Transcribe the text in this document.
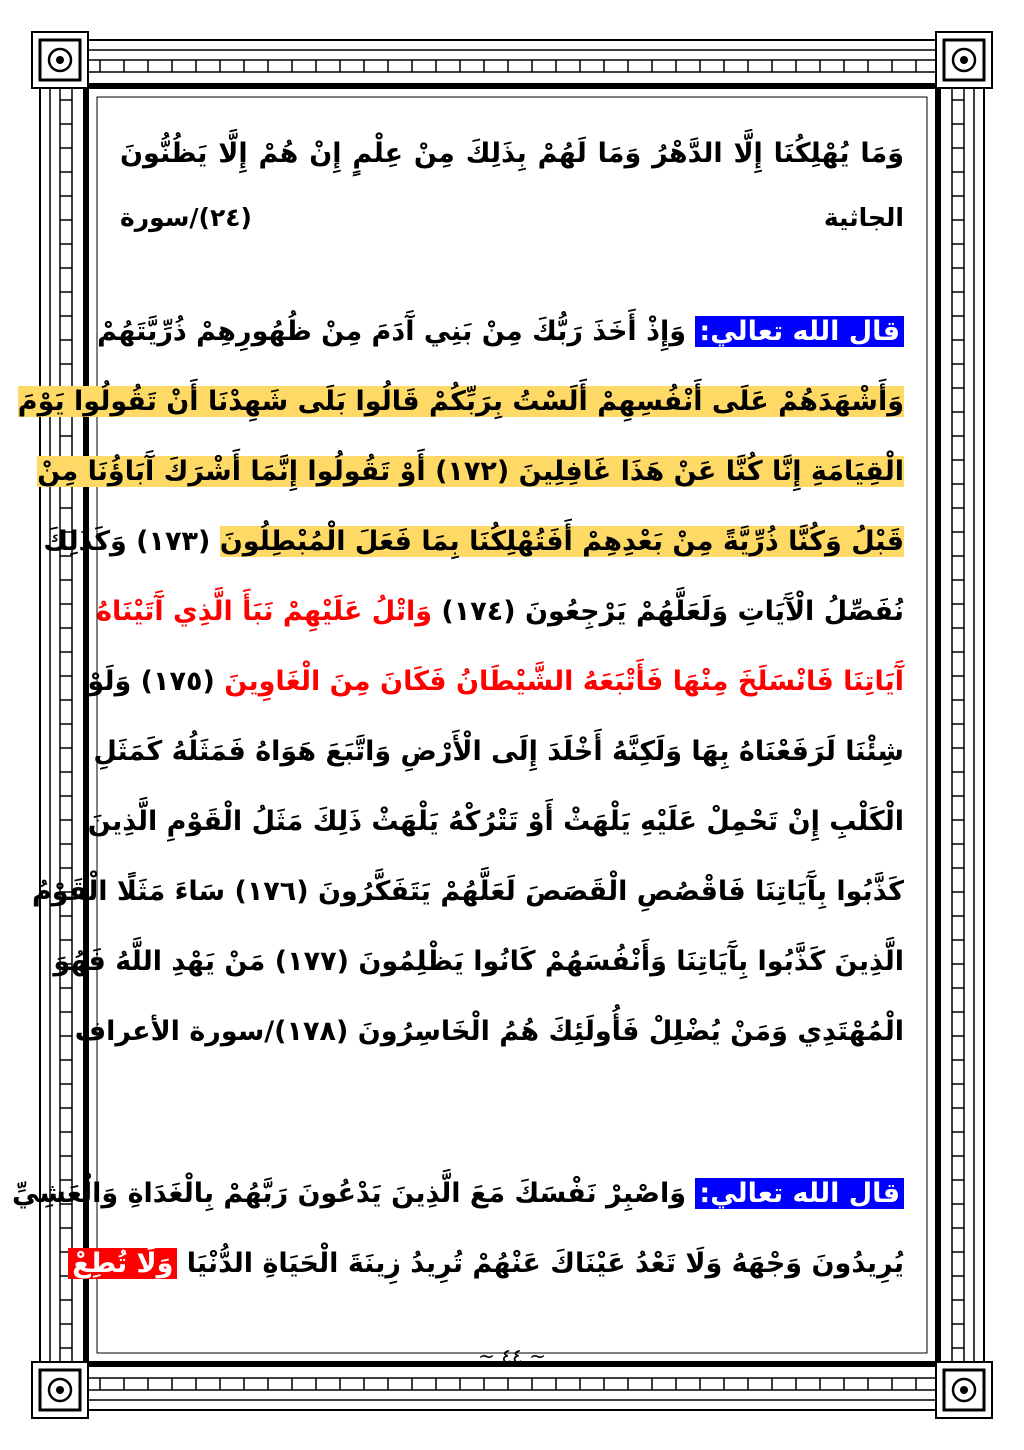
وَمَا يُهْلِكُنَا إِلَّا الدَّهْرُ وَمَا لَهُمْ بِذَلِكَ مِنْ عِلْمٍ إِنْ هُمْ إِلَّا يَظُنُّونَ
الجاثية
(٢٤)/سورة
قال الله تعالي: وَإِذْ أَخَذَ رَبُّكَ مِنْ بَنِي آَدَمَ مِنْ ظُهُورِهِمْ ذُرِّيَّتَهُمْ
وَأَشْهَدَهُمْ عَلَى أَنْفُسِهِمْ أَلَسْتُ بِرَبِّكُمْ قَالُوا بَلَى شَهِدْنَا أَنْ تَقُولُوا يَوْمَ
الْقِيَامَةِ إِنَّا كُنَّا عَنْ هَذَا غَافِلِينَ (١٧٢) أَوْ تَقُولُوا إِنَّمَا أَشْرَكَ آَبَاؤُنَا مِنْ
قَبْلُ وَكُنَّا ذُرِّيَّةً مِنْ بَعْدِهِمْ أَفَتُهْلِكُنَا بِمَا فَعَلَ الْمُبْطِلُونَ (١٧٣) وَكَذَلِكَ
نُفَصِّلُ الْآَيَاتِ وَلَعَلَّهُمْ يَرْجِعُونَ (١٧٤) وَاتْلُ عَلَيْهِمْ نَبَأَ الَّذِي آَتَيْنَاهُ
آَيَاتِنَا فَانْسَلَخَ مِنْهَا فَأَتْبَعَهُ الشَّيْطَانُ فَكَانَ مِنَ الْغَاوِينَ (١٧٥) وَلَوْ
شِئْنَا لَرَفَعْنَاهُ بِهَا وَلَكِنَّهُ أَخْلَدَ إِلَى الْأَرْضِ وَاتَّبَعَ هَوَاهُ فَمَثَلُهُ كَمَثَلِ
الْكَلْبِ إِنْ تَحْمِلْ عَلَيْهِ يَلْهَثْ أَوْ تَتْرُكْهُ يَلْهَثْ ذَلِكَ مَثَلُ الْقَوْمِ الَّذِينَ
كَذَّبُوا بِآَيَاتِنَا فَاقْصُصِ الْقَصَصَ لَعَلَّهُمْ يَتَفَكَّرُونَ (١٧٦) سَاءَ مَثَلًا الْقَوْمُ
الَّذِينَ كَذَّبُوا بِآَيَاتِنَا وَأَنْفُسَهُمْ كَانُوا يَظْلِمُونَ (١٧٧) مَنْ يَهْدِ اللَّهُ فَهُوَ
الْمُهْتَدِي وَمَنْ يُضْلِلْ فَأُولَئِكَ هُمُ الْخَاسِرُونَ (١٧٨)/سورة الأعراف
قال الله تعالي: وَاصْبِرْ نَفْسَكَ مَعَ الَّذِينَ يَدْعُونَ رَبَّهُمْ بِالْغَدَاةِ وَالْعَشِيِّ
يُرِيدُونَ وَجْهَهُ وَلَا تَعْدُ عَيْنَاكَ عَنْهُمْ تُرِيدُ زِينَةَ الْحَيَاةِ الدُّنْيَا وَلَا تُطِعْ
~ ٤٤ ~
